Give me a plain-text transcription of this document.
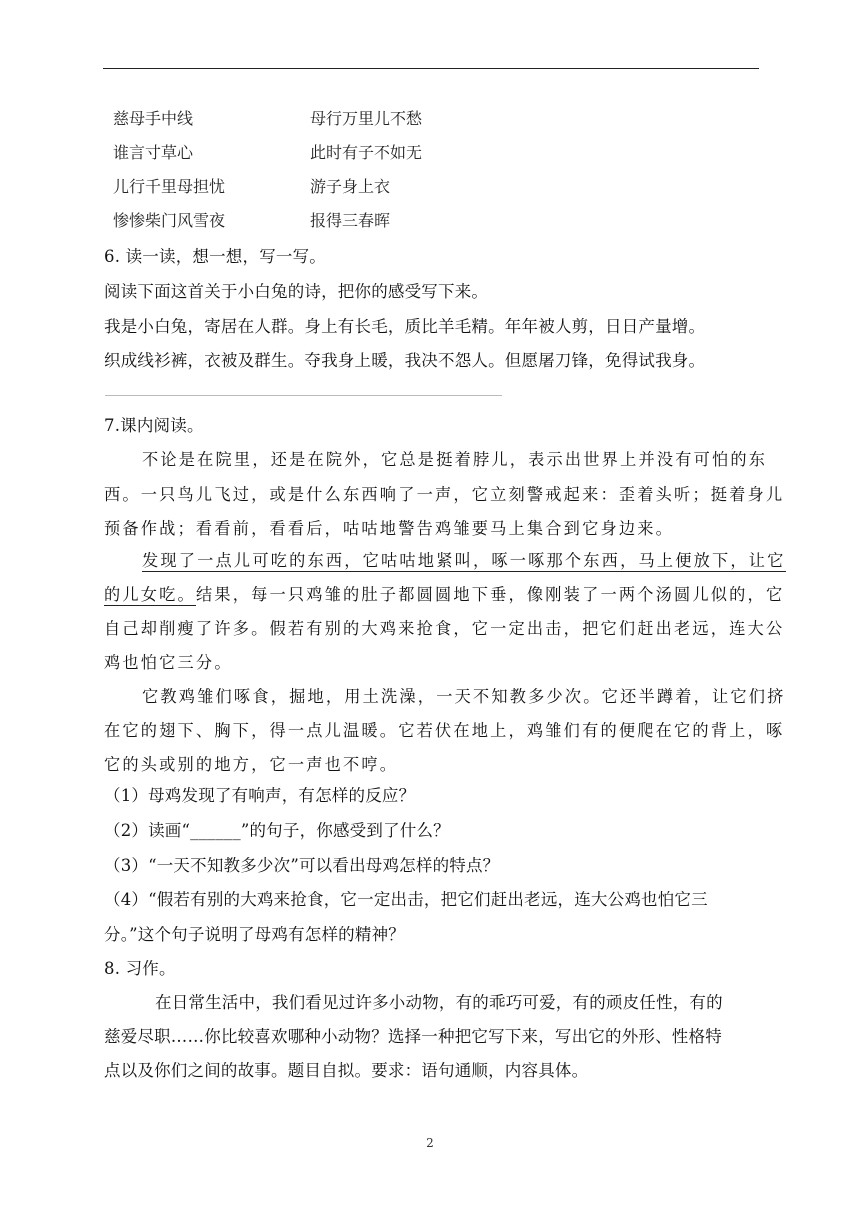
慈母手中线	母行万里儿不愁
谁言寸草心	此时有子不如无
儿行千里母担忧	游子身上衣
惨惨柴门风雪夜	报得三春晖
6. 读一读，想一想，写一写。
阅读下面这首关于小白兔的诗，把你的感受写下来。
我是小白兔，寄居在人群。身上有长毛，质比羊毛精。年年被人剪，日日产量增。
织成线衫裤，衣被及群生。夺我身上暖，我决不怨人。但愿屠刀锋，免得试我身。
7.课内阅读。
不论是在院里，还是在院外，它总是挺着脖儿，表示出世界上并没有可怕的东
西。一只鸟儿飞过，或是什么东西响了一声，它立刻警戒起来：歪着头听；挺着身儿
预备作战；看看前，看看后，咕咕地警告鸡雏要马上集合到它身边来。
发现了一点儿可吃的东西，它咕咕地紧叫，啄一啄那个东西，马上便放下，让它
的儿女吃。结果，每一只鸡雏的肚子都圆圆地下垂，像刚装了一两个汤圆儿似的，它
自己却削瘦了许多。假若有别的大鸡来抢食，它一定出击，把它们赶出老远，连大公
鸡也怕它三分。
它教鸡雏们啄食，掘地，用土洗澡，一天不知教多少次。它还半蹲着，让它们挤
在它的翅下、胸下，得一点儿温暖。它若伏在地上，鸡雏们有的便爬在它的背上，啄
它的头或别的地方，它一声也不哼。
（1）母鸡发现了有响声，有怎样的反应？
（2）读画“______”的句子，你感受到了什么？
（3）“一天不知教多少次”可以看出母鸡怎样的特点？
（4）“假若有别的大鸡来抢食，它一定出击，把它们赶出老远，连大公鸡也怕它三
分。”这个句子说明了母鸡有怎样的精神？
8. 习作。
在日常生活中，我们看见过许多小动物，有的乖巧可爱，有的顽皮任性，有的
慈爱尽职……你比较喜欢哪种小动物？选择一种把它写下来，写出它的外形、性格特
点以及你们之间的故事。题目自拟。要求：语句通顺，内容具体。
2
